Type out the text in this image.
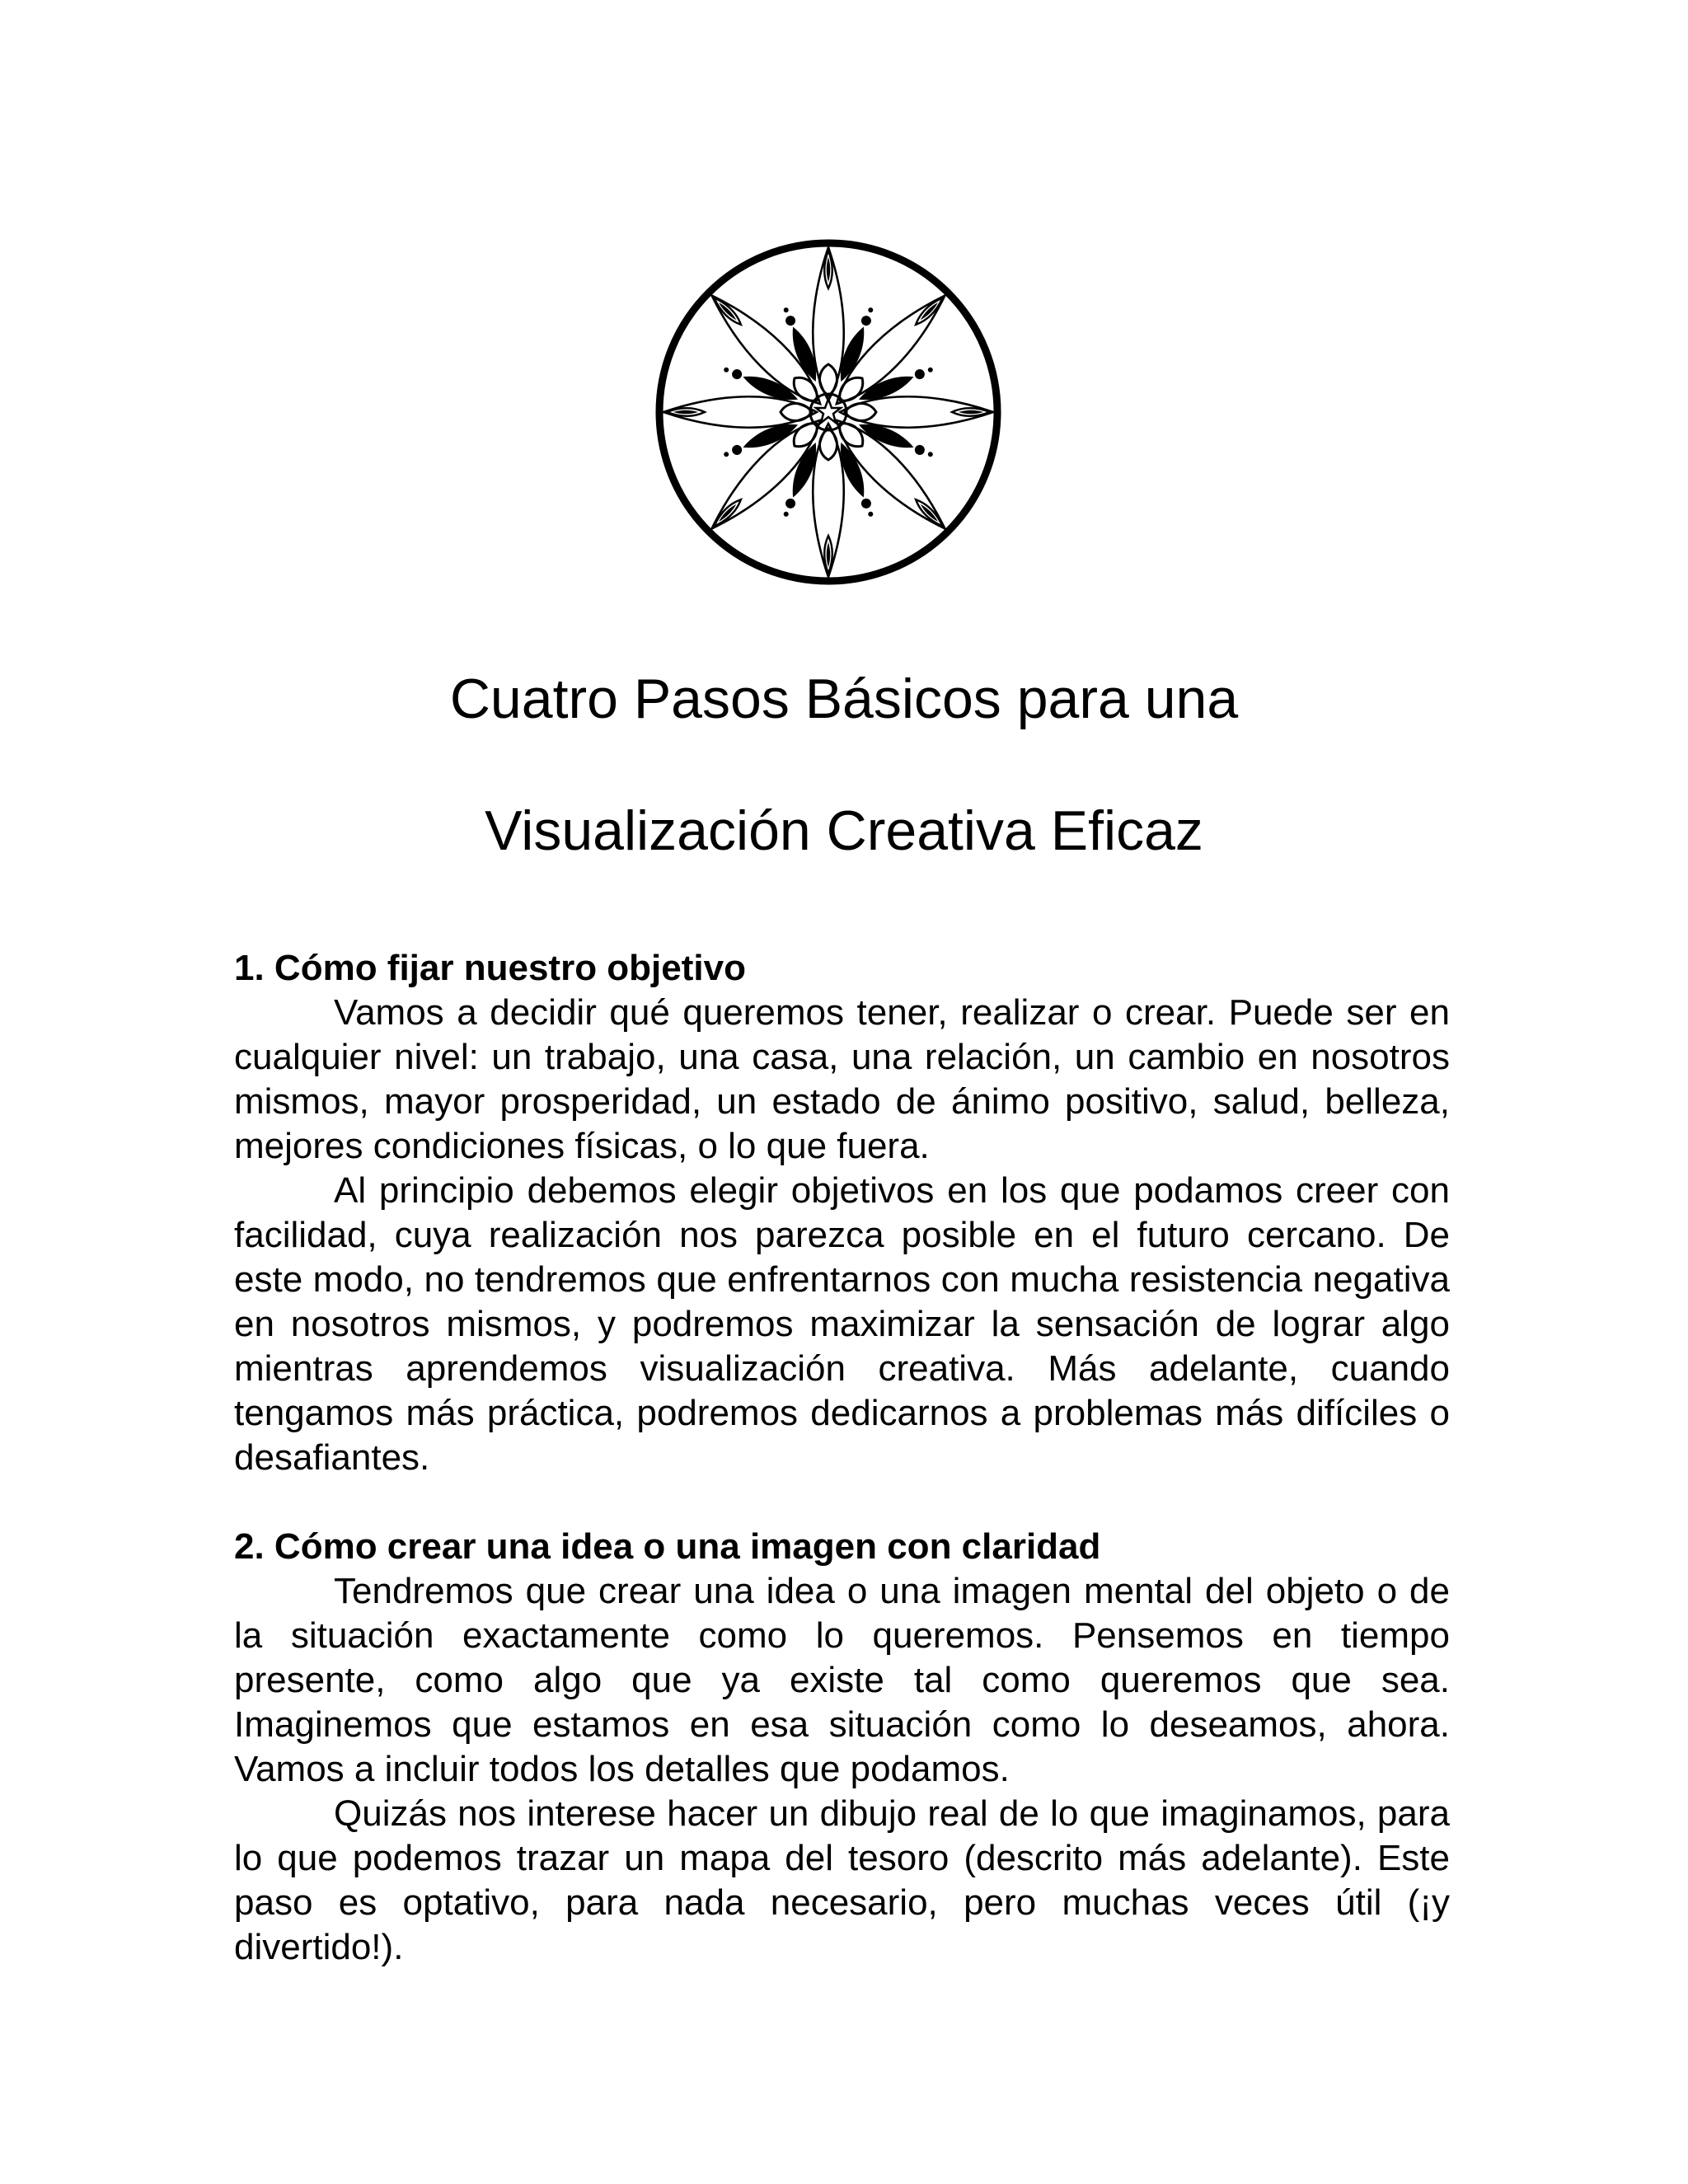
Cuatro Pasos Básicos para una
Visualización Creativa Eficaz

1. Cómo fijar nuestro objetivo

Vamos a decidir qué queremos tener, realizar o crear. Puede ser en cualquier nivel: un trabajo, una casa, una relación, un cambio en nosotros mismos, mayor prosperidad, un estado de ánimo positivo, salud, belleza, mejores condiciones físicas, o lo que fuera.

Al principio debemos elegir objetivos en los que podamos creer con facilidad, cuya realización nos parezca posible en el futuro cercano. De este modo, no tendremos que enfrentarnos con mucha resistencia negativa en nosotros mismos, y podremos maximizar la sensación de lograr algo mientras aprendemos visualización creativa. Más adelante, cuando tengamos más práctica, podremos dedicarnos a problemas más difíciles o desafiantes.

2. Cómo crear una idea o una imagen con claridad

Tendremos que crear una idea o una imagen mental del objeto o de la situación exactamente como lo queremos. Pensemos en tiempo presente, como algo que ya existe tal como queremos que sea. Imaginemos que estamos en esa situación como lo deseamos, ahora. Vamos a incluir todos los detalles que podamos.

Quizás nos interese hacer un dibujo real de lo que imaginamos, para lo que podemos trazar un mapa del tesoro (descrito más adelante). Este paso es optativo, para nada necesario, pero muchas veces útil (¡y divertido!).
